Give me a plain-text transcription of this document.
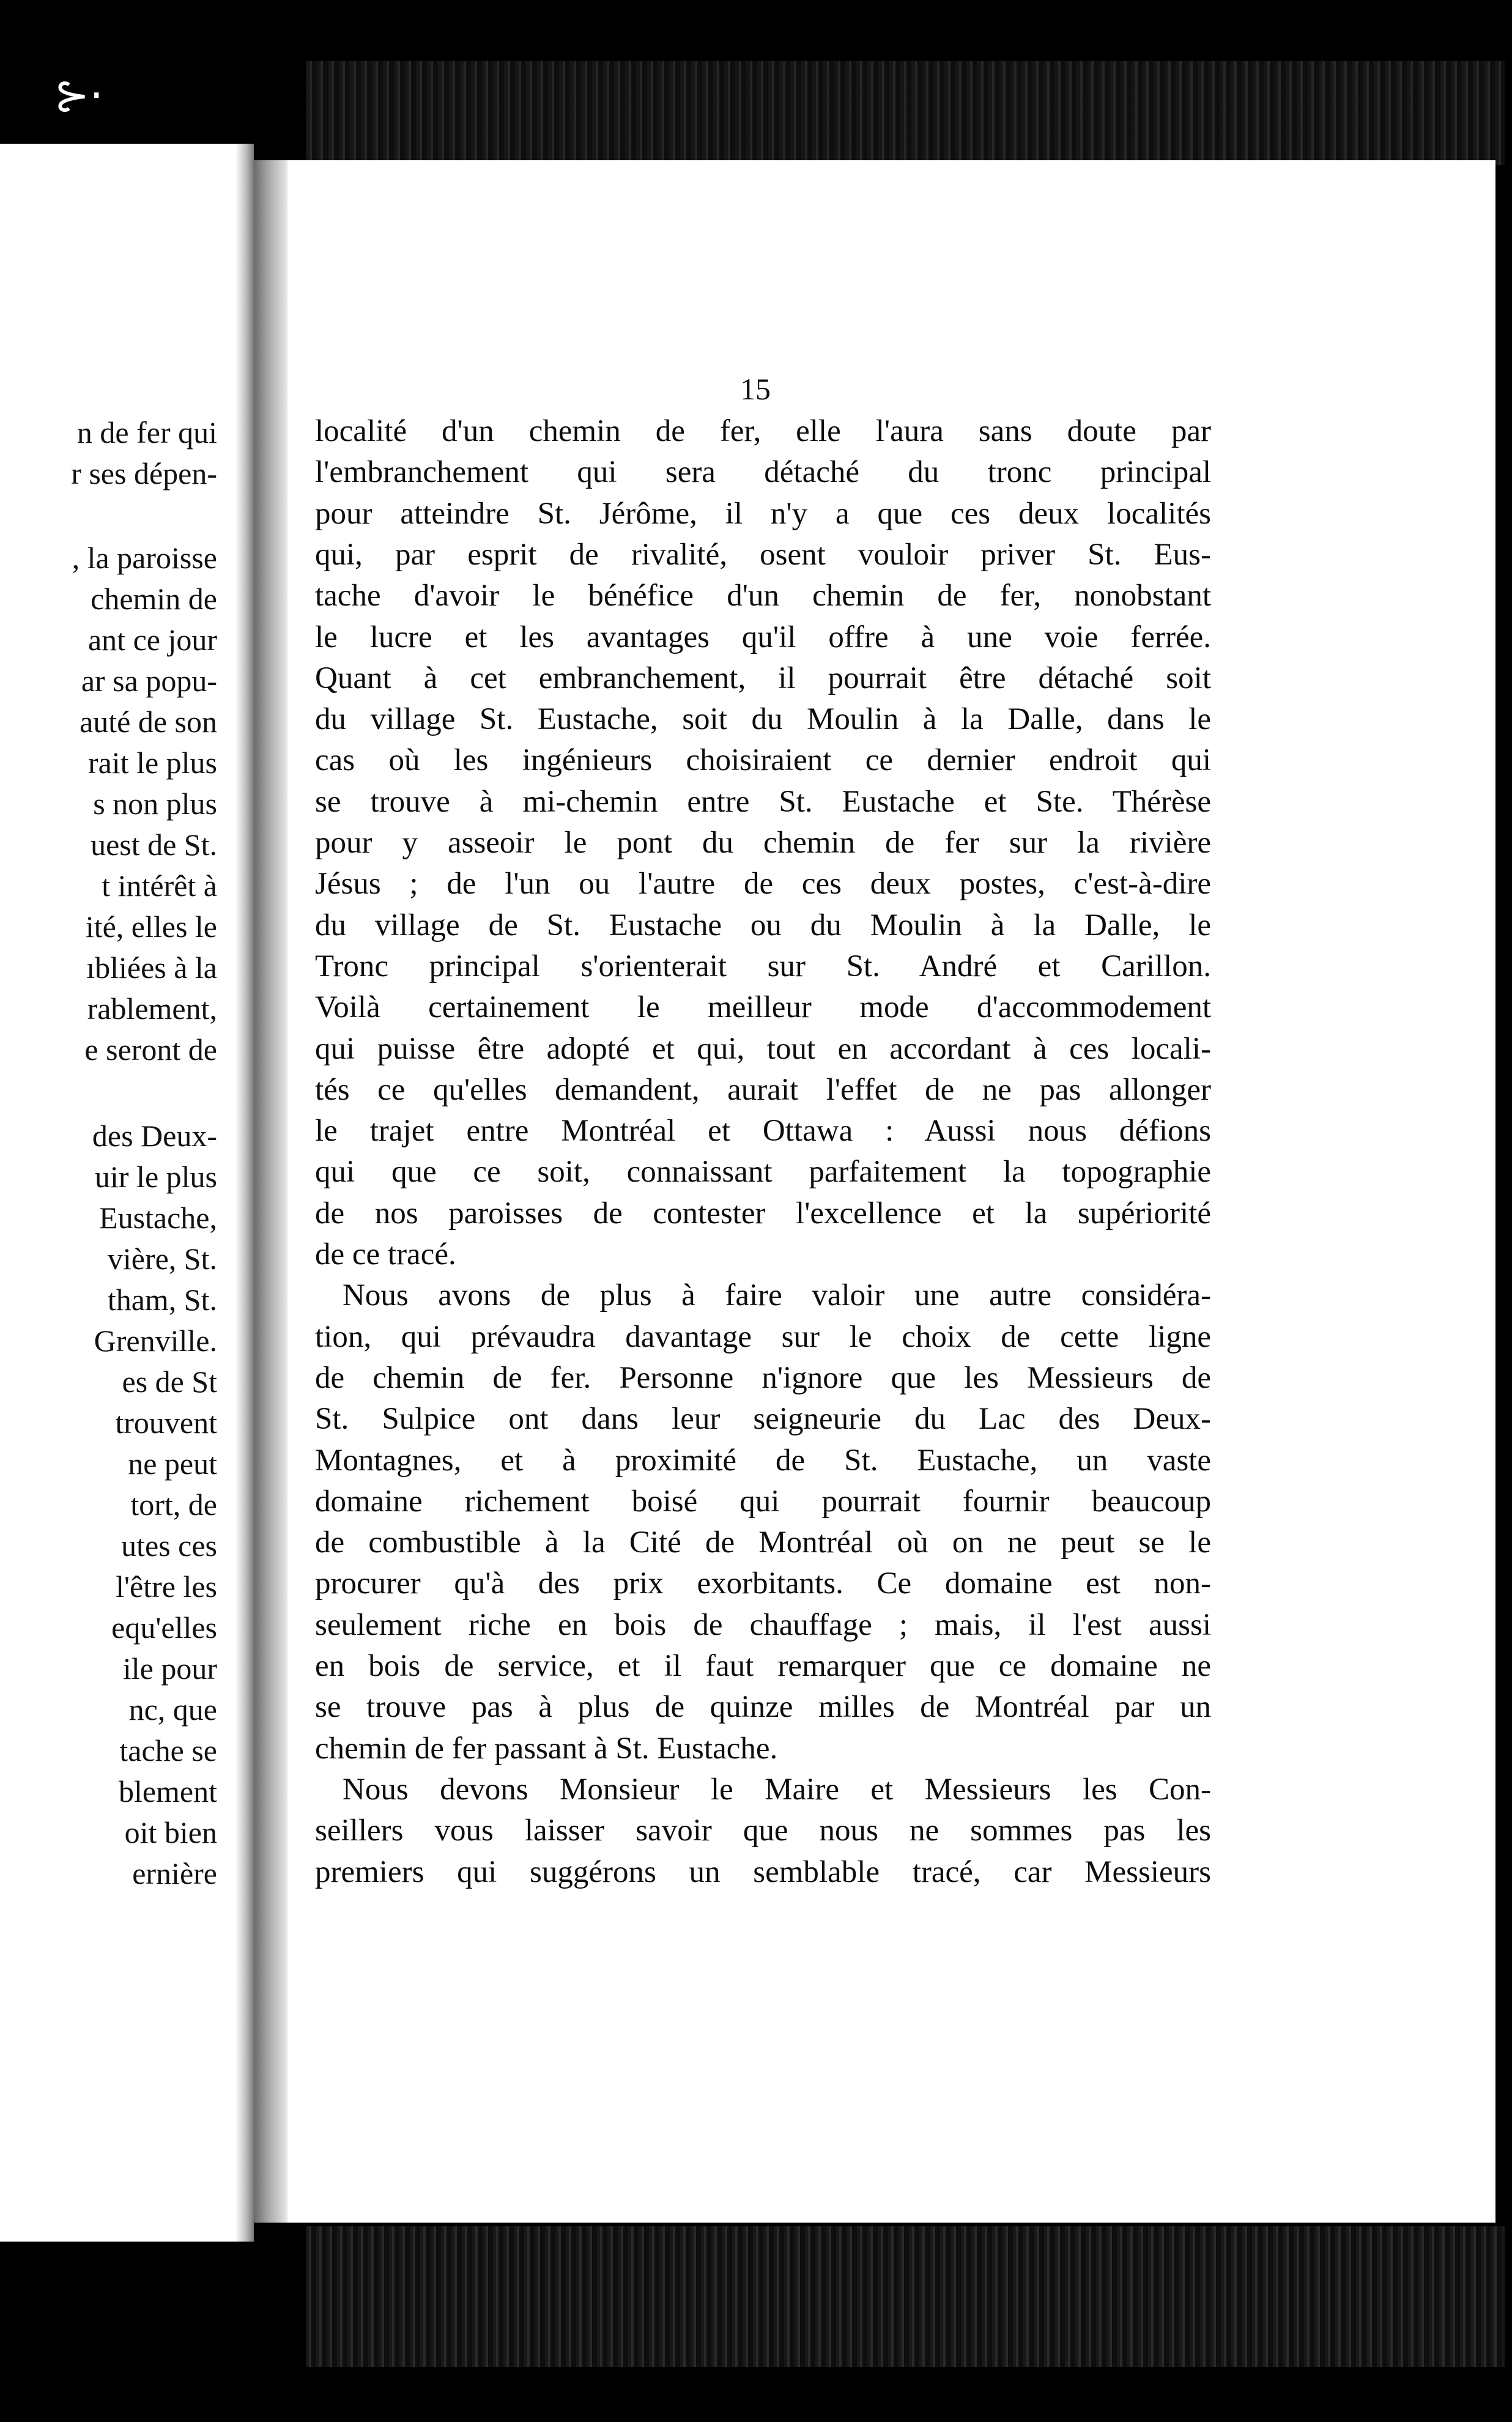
⊱·
n de fer qui
r ses dépen-
, la paroisse
chemin de
ant ce jour
ar sa popu-
auté de son
rait le plus
s non plus
uest de St.
t intérêt à
ité, elles le
ıbliées à la
rablement,
e seront de
des Deux-
uir le plus
Eustache,
vière, St.
tham, St.
Grenville.
es de St
trouvent
ne peut
tort, de
utes ces
l'être les
equ'elles
ile pour
nc, que
tache se
blement
oit bien
ernière
15
localité d'un chemin de fer, elle l'aura sans doute par
l'embranchement qui sera détaché du tronc principal
pour atteindre St. Jérôme, il n'y a que ces deux localités
qui, par esprit de rivalité, osent vouloir priver St. Eus-
tache d'avoir le bénéfice d'un chemin de fer, nonobstant
le lucre et les avantages qu'il offre à une voie ferrée.
Quant à cet embranchement, il pourrait être détaché soit
du village St. Eustache, soit du Moulin à la Dalle, dans le
cas où les ingénieurs choisiraient ce dernier endroit qui
se trouve à mi-chemin entre St. Eustache et Ste. Thérèse
pour y asseoir le pont du chemin de fer sur la rivière
Jésus ; de l'un ou l'autre de ces deux postes, c'est-à-dire
du village de St. Eustache ou du Moulin à la Dalle, le
Tronc principal s'orienterait sur St. André et Carillon.
Voilà certainement le meilleur mode d'accommodement
qui puisse être adopté et qui, tout en accordant à ces locali-
tés ce qu'elles demandent, aurait l'effet de ne pas allonger
le trajet entre Montréal et Ottawa : Aussi nous défions
qui que ce soit, connaissant parfaitement la topographie
de nos paroisses de contester l'excellence et la supériorité
de ce tracé.
Nous avons de plus à faire valoir une autre considéra-
tion, qui prévaudra davantage sur le choix de cette ligne
de chemin de fer. Personne n'ignore que les Messieurs de
St. Sulpice ont dans leur seigneurie du Lac des Deux-
Montagnes, et à proximité de St. Eustache, un vaste
domaine richement boisé qui pourrait fournir beaucoup
de combustible à la Cité de Montréal où on ne peut se le
procurer qu'à des prix exorbitants. Ce domaine est non-
seulement riche en bois de chauffage ; mais, il l'est aussi
en bois de service, et il faut remarquer que ce domaine ne
se trouve pas à plus de quinze milles de Montréal par un
chemin de fer passant à St. Eustache.
Nous devons Monsieur le Maire et Messieurs les Con-
seillers vous laisser savoir que nous ne sommes pas les
premiers qui suggérons un semblable tracé, car Messieurs
